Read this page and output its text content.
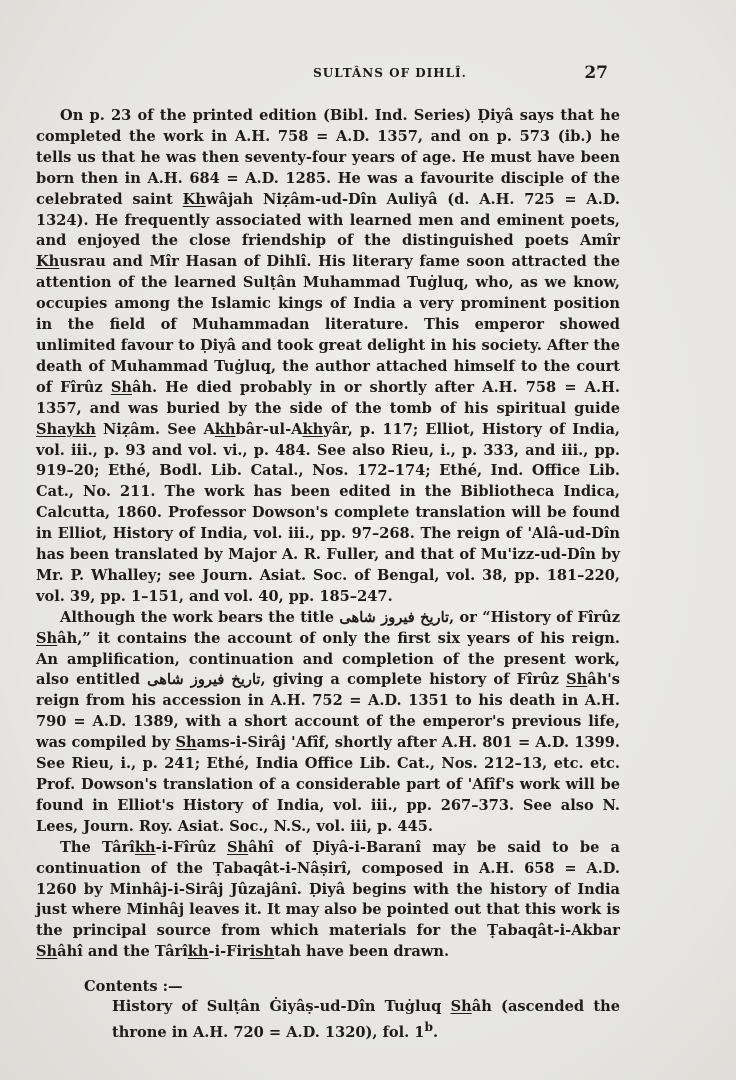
SULTÂNS OF DIHLÎ.	27

On p. 23 of the printed edition (Bibl. Ind. Series) Ḍiyâ says that he completed the work in A.H. 758 = A.D. 1357, and on p. 573 (ib.) he tells us that he was then seventy-four years of age. He must have been born then in A.H. 684 = A.D. 1285. He was a favourite disciple of the celebrated saint Khwâjah Niẓâm-ud-Dîn Auliyâ (d. A.H. 725 = A.D. 1324). He frequently associated with learned men and eminent poets, and enjoyed the close friendship of the distinguished poets Amîr Khusrau and Mîr Hasan of Dihlî. His literary fame soon attracted the attention of the learned Sulṭân Muhammad Tuġluq, who, as we know, occupies among the Islamic kings of India a very prominent position in the field of Muhammadan literature. This emperor showed unlimited favour to Ḍiyâ and took great delight in his society. After the death of Muhammad Tuġluq, the author attached himself to the court of Fîrûz Shâh. He died probably in or shortly after A.H. 758 = A.H. 1357, and was buried by the side of the tomb of his spiritual guide Shaykh Niẓâm. See Akhbâr-ul-Akhyâr, p. 117; Elliot, History of India, vol. iii., p. 93 and vol. vi., p. 484. See also Rieu, i., p. 333, and iii., pp. 919–20; Ethé, Bodl. Lib. Catal., Nos. 172–174; Ethé, Ind. Office Lib. Cat., No. 211. The work has been edited in the Bibliotheca Indica, Calcutta, 1860. Professor Dowson's complete translation will be found in Elliot, History of India, vol. iii., pp. 97–268. The reign of 'Alâ-ud-Dîn has been translated by Major A. R. Fuller, and that of Mu'izz-ud-Dîn by Mr. P. Whalley; see Journ. Asiat. Soc. of Bengal, vol. 38, pp. 181–220, vol. 39, pp. 1–151, and vol. 40, pp. 185–247.

Although the work bears the title تاریخ فیروز شاهی, or “History of Fîrûz Shâh,” it contains the account of only the first six years of his reign. An amplification, continuation and completion of the present work, also entitled تاریخ فیروز شاهی, giving a complete history of Fîrûz Shâh's reign from his accession in A.H. 752 = A.D. 1351 to his death in A.H. 790 = A.D. 1389, with a short account of the emperor's previous life, was compiled by Shams-i-Sirâj 'Afîf, shortly after A.H. 801 = A.D. 1399. See Rieu, i., p. 241; Ethé, India Office Lib. Cat., Nos. 212–13, etc. etc. Prof. Dowson's translation of a considerable part of 'Afîf's work will be found in Elliot's History of India, vol. iii., pp. 267–373. See also N. Lees, Journ. Roy. Asiat. Soc., N.S., vol. iii, p. 445.

The Târîkh-i-Fîrûz Shâhî of Ḍiyâ-i-Baranî may be said to be a continuation of the Ṭabaqât-i-Nâṣirî, composed in A.H. 658 = A.D. 1260 by Minhâj-i-Sirâj Jûzajânî. Ḍiyâ begins with the history of India just where Minhâj leaves it. It may also be pointed out that this work is the principal source from which materials for the Ṭabaqât-i-Akbar Shâhî and the Târîkh-i-Firishtah have been drawn.

Contents :—
History of Sulṭân Ġiyâṣ-ud-Dîn Tuġluq Shâh (ascended the throne in A.H. 720 = A.D. 1320), fol. 1$^b$.
